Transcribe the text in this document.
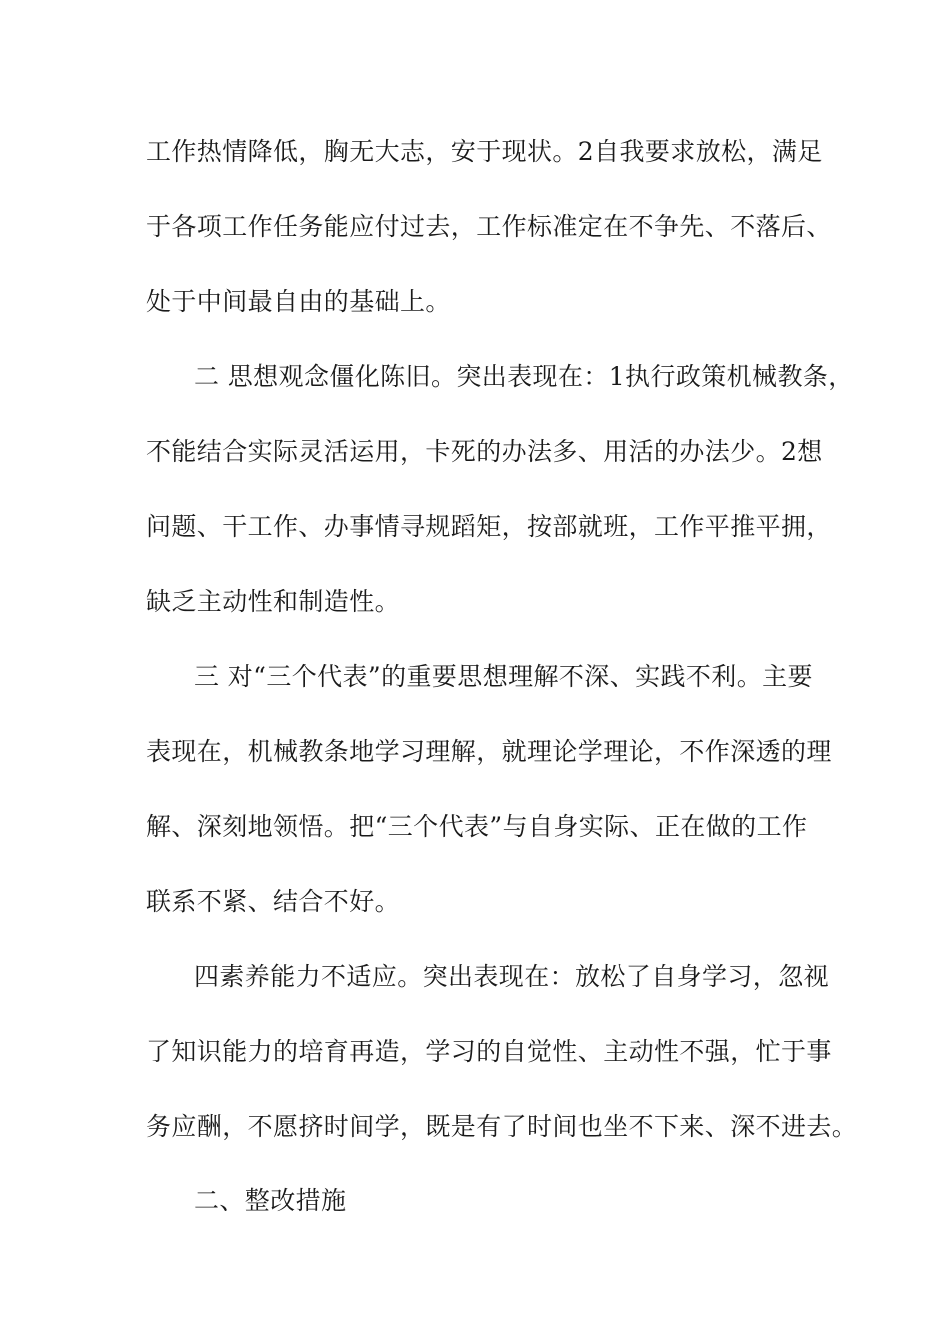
工作热情降低，胸无大志，安于现状。2自我要求放松，满足
于各项工作任务能应付过去，工作标准定在不争先、不落后、
处于中间最自由的基础上。
二 思想观念僵化陈旧。突出表现在：1执行政策机械教条，
不能结合实际灵活运用，卡死的办法多、用活的办法少。2想
问题、干工作、办事情寻规蹈矩，按部就班，工作平推平拥，
缺乏主动性和制造性。
三 对“三个代表”的重要思想理解不深、实践不利。主要
表现在，机械教条地学习理解，就理论学理论，不作深透的理
解、深刻地领悟。把“三个代表”与自身实际、正在做的工作
联系不紧、结合不好。
四素养能力不适应。突出表现在：放松了自身学习，忽视
了知识能力的培育再造，学习的自觉性、主动性不强，忙于事
务应酬，不愿挤时间学，既是有了时间也坐不下来、深不进去。
二、整改措施
